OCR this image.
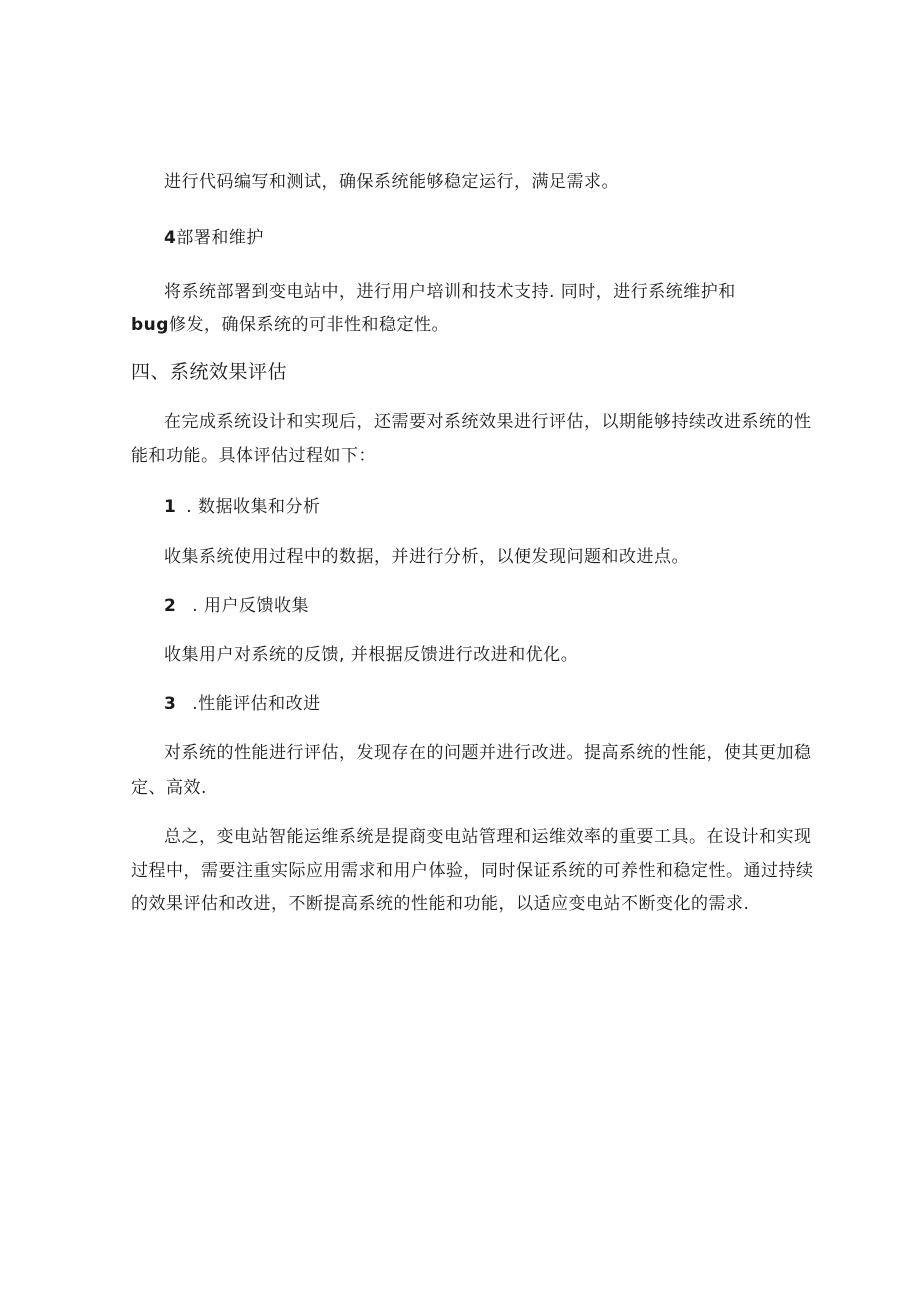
进行代码编写和测试，确保系统能够稳定运行，满足需求。
4部署和维护
将系统部署到变电站中，进行用户培训和技术支持. 同时，进行系统维护和
bug修发，确保系统的可非性和稳定性。
四、系统效果评估
在完成系统设计和实现后，还需要对系统效果进行评估，以期能够持续改进系统的性
能和功能。具体评估过程如下：
1 . 数据收集和分析
收集系统使用过程中的数据，并进行分析，以便发现问题和改进点。
2 . 用户反馈收集
收集用户对系统的反馈, 并根据反馈进行改进和优化。
3 .性能评估和改进
对系统的性能进行评估，发现存在的问题并进行改进。提高系统的性能，使其更加稳
定、高效.
总之，变电站智能运维系统是提商变电站管理和运维效率的重要工具。在设计和实现
过程中，需要注重实际应用需求和用户体验，同时保证系统的可养性和稳定性。通过持续
的效果评估和改进，不断提高系统的性能和功能，以适应变电站不断变化的需求.
